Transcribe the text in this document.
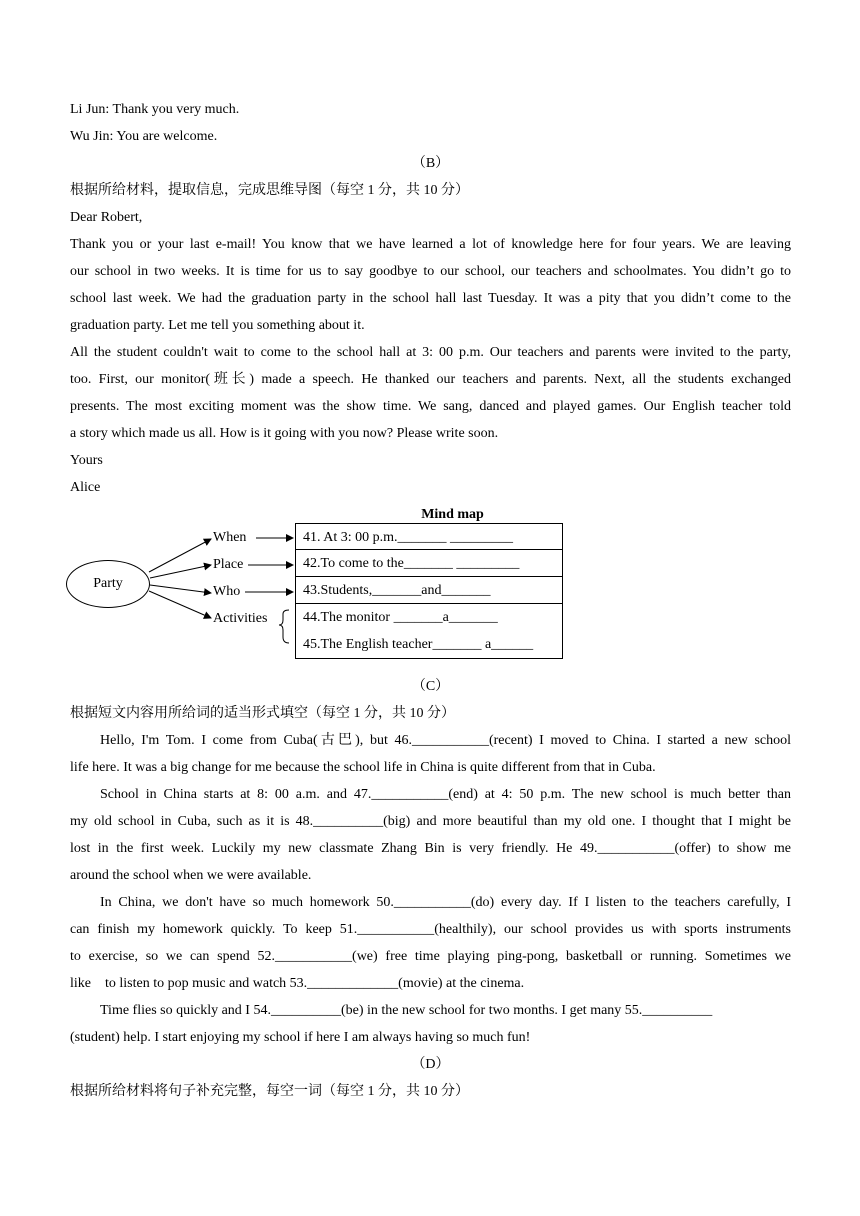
Li Jun: Thank you very much.
Wu Jin: You are welcome.
（B）
根据所给材料，提取信息，完成思维导图（每空 1 分，共 10 分）
Dear Robert,
Thank you or your last e-mail! You know that we have learned a lot of knowledge here for four years. We are leaving
our school in two weeks. It is time for us to say goodbye to our school, our teachers and schoolmates. You didn’t go to
school last week. We had the graduation party in the school hall last Tuesday. It was a pity that you didn’t come to the
graduation party. Let me tell you something about it.
All the student couldn't wait to come to the school hall at 3: 00 p.m. Our teachers and parents were invited to the party,
too. First, our monitor(班长) made a speech. He thanked our teachers and parents. Next, all the students exchanged
presents. The most exciting moment was the show time. We sang, danced and played games. Our English teacher told
a story which made us all. How is it going with you now? Please write soon.
Yours
Alice
Mind map
Party
When
Place
Who
Activities
41. At 3: 00 p.m._______ _________
42.To come to the_______ _________
43.Students,_______and_______
44.The monitor _______a_______
45.The English teacher_______ a______
（C）
根据短文内容用所给词的适当形式填空（每空 1 分，共 10 分）
Hello, I'm Tom. I come from Cuba(古巴), but 46.___________(recent) I moved to China. I started a new school
life here. It was a big change for me because the school life in China is quite different from that in Cuba.
School in China starts at 8: 00 a.m. and 47.___________(end) at 4: 50 p.m. The new school is much better than
my old school in Cuba, such as it is 48.__________(big) and more beautiful than my old one. I thought that I might be
lost in the first week. Luckily my new classmate Zhang Bin is very friendly. He 49.___________(offer) to show me
around the school when we were available.
In China, we don't have so much homework 50.___________(do) every day. If I listen to the teachers carefully, I
can finish my homework quickly. To keep 51.___________(healthily), our school provides us with sports instruments
to exercise, so we can spend 52.___________(we) free time playing ping-pong, basketball or running. Sometimes we
like    to listen to pop music and watch 53._____________(movie) at the cinema.
Time flies so quickly and I 54.__________(be) in the new school for two months. I get many 55.__________
(student) help. I start enjoying my school if here I am always having so much fun!
（D）
根据所给材料将句子补充完整，每空一词（每空 1 分，共 10 分）
